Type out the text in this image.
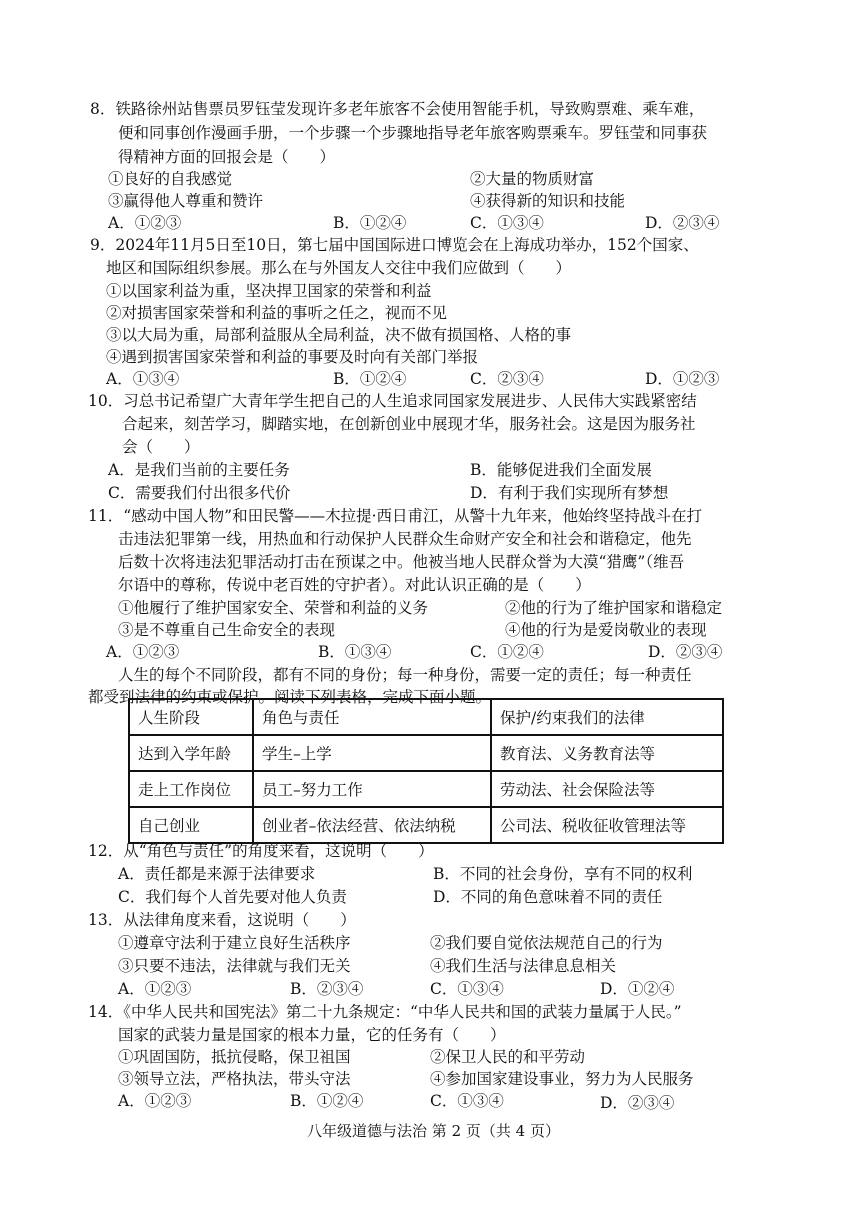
8．铁路徐州站售票员罗钰莹发现许多老年旅客不会使用智能手机，导致购票难、乘车难，
便和同事创作漫画手册，一个步骤一个步骤地指导老年旅客购票乘车。罗钰莹和同事获
得精神方面的回报会是（　　）
①良好的自我感觉	②大量的物质财富
③赢得他人尊重和赞许	④获得新的知识和技能
A．①②③	B．①②④	C．①③④	D．②③④
9．2024年11月5日至10日，第七届中国国际进口博览会在上海成功举办，152个国家、
地区和国际组织参展。那么在与外国友人交往中我们应做到（　　）
①以国家利益为重，坚决捍卫国家的荣誉和利益
②对损害国家荣誉和利益的事听之任之，视而不见
③以大局为重，局部利益服从全局利益，决不做有损国格、人格的事
④遇到损害国家荣誉和利益的事要及时向有关部门举报
A．①③④	B．①②④	C．②③④	D．①②③
10．习总书记希望广大青年学生把自己的人生追求同国家发展进步、人民伟大实践紧密结
合起来，刻苦学习，脚踏实地，在创新创业中展现才华，服务社会。这是因为服务社
会（　　）
A．是我们当前的主要任务	B．能够促进我们全面发展
C．需要我们付出很多代价	D．有利于我们实现所有梦想
11．“感动中国人物”和田民警——木拉提·西日甫江，从警十九年来，他始终坚持战斗在打
击违法犯罪第一线，用热血和行动保护人民群众生命财产安全和社会和谐稳定，他先
后数十次将违法犯罪活动打击在预谋之中。他被当地人民群众誉为大漠“猎鹰”（维吾
尔语中的尊称，传说中老百姓的守护者）。对此认识正确的是（　　）
①他履行了维护国家安全、荣誉和利益的义务	②他的行为了维护国家和谐稳定
③是不尊重自己生命安全的表现	④他的行为是爱岗敬业的表现
A．①②③	B．①③④	C．①②④	D．②③④
人生的每个不同阶段，都有不同的身份；每一种身份，需要一定的责任；每一种责任
都受到法律的约束或保护。阅读下列表格，完成下面小题。
人生阶段	角色与责任	保护/约束我们的法律
达到入学年龄	学生–上学	教育法、义务教育法等
走上工作岗位	员工–努力工作	劳动法、社会保险法等
自己创业	创业者–依法经营、依法纳税	公司法、税收征收管理法等
12．从“角色与责任”的角度来看，这说明（　　）
A．责任都是来源于法律要求	B．不同的社会身份，享有不同的权利
C．我们每个人首先要对他人负责	D．不同的角色意味着不同的责任
13．从法律角度来看，这说明（　　）
①遵章守法利于建立良好生活秩序	②我们要自觉依法规范自己的行为
③只要不违法，法律就与我们无关	④我们生活与法律息息相关
A．①②③	B．②③④	C．①③④	D．①②④
14．《中华人民共和国宪法》第二十九条规定：“中华人民共和国的武装力量属于人民。”
国家的武装力量是国家的根本力量，它的任务有（　　）
①巩固国防，抵抗侵略，保卫祖国	②保卫人民的和平劳动
③领导立法，严格执法，带头守法	④参加国家建设事业，努力为人民服务
A．①②③	B．①②④	C．①③④	D．②③④
八年级道德与法治 第 2 页（共 4 页）
